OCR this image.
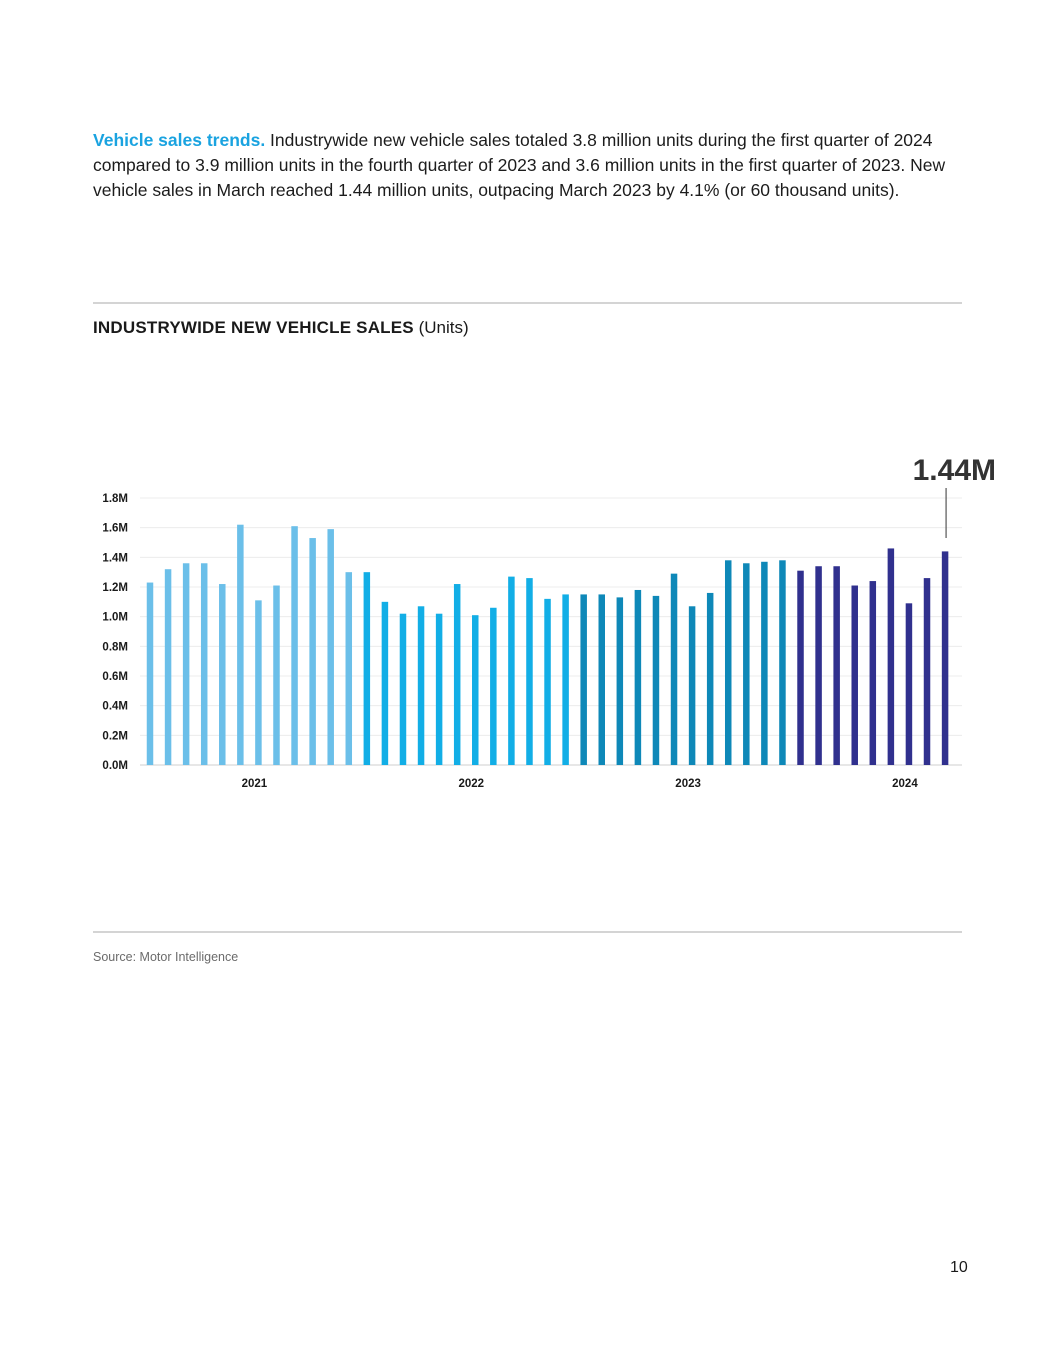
Vehicle sales trends. Industrywide new vehicle sales totaled 3.8 million units during the first quarter of 2024 compared to 3.9 million units in the fourth quarter of 2023 and 3.6 million units in the first quarter of 2023. New vehicle sales in March reached 1.44 million units, outpacing March 2023 by 4.1% (or 60 thousand units).

INDUSTRYWIDE NEW VEHICLE SALES (Units)
0.0M
0.2M
0.4M
0.6M
0.8M
1.0M
1.2M
1.4M
1.6M
1.8M
2021	2022	2023	2024
1.44M
Source: Motor Intelligence
10
